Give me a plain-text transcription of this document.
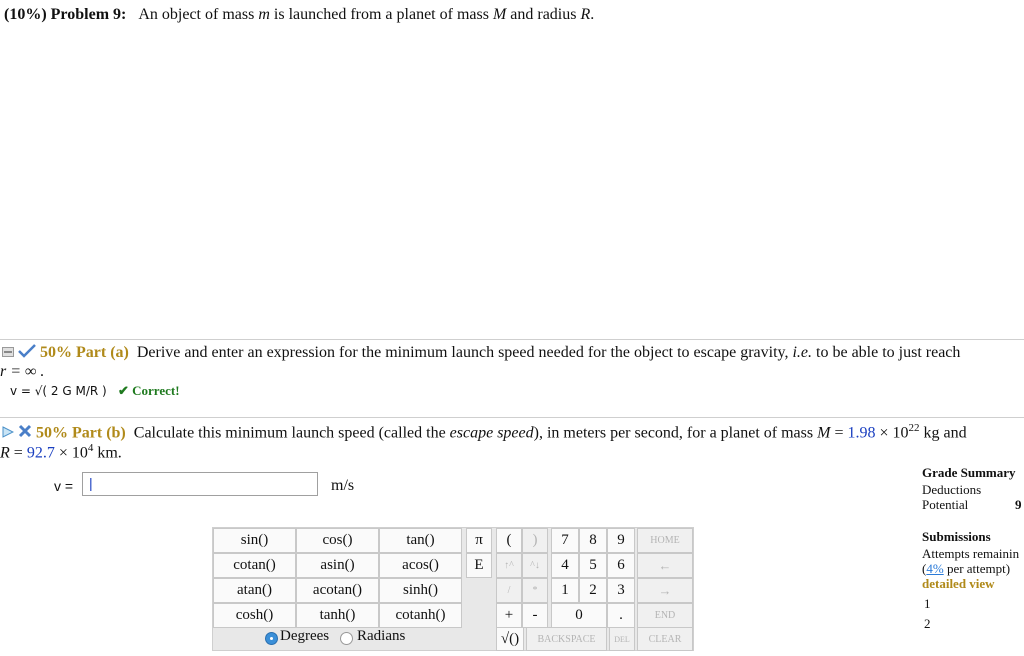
(10%) Problem 9: An object of mass m is launched from a planet of mass M and radius R.
50% Part (a) Derive and enter an expression for the minimum launch speed needed for the object to escape gravity, i.e. to be able to just reach
r = ∞ .
v = √( 2 G M/R ) ✔ Correct!
50% Part (b) Calculate this minimum launch speed (called the escape speed), in meters per second, for a planet of mass $M = 1.98 \times 10^{22}$ kg and
$R = 92.7 \times 10^4$ km.
v =	|	m/s
sin()	cos()	tan()
cotan()	asin()	acos()
atan()	acotan()	sinh()
cosh()	tanh()	cotanh()
Degrees Radians
π
E
(	)
↑^	^↓
/	*
+	-
√()
7	8	9
4	5	6
1	2	3
0	.
HOME
←
→
END
BACKSPACE	DEL	CLEAR
Grade Summary
Deductions
Potential	9
Submissions
Attempts remainin
(4% per attempt)
detailed view
1
2
